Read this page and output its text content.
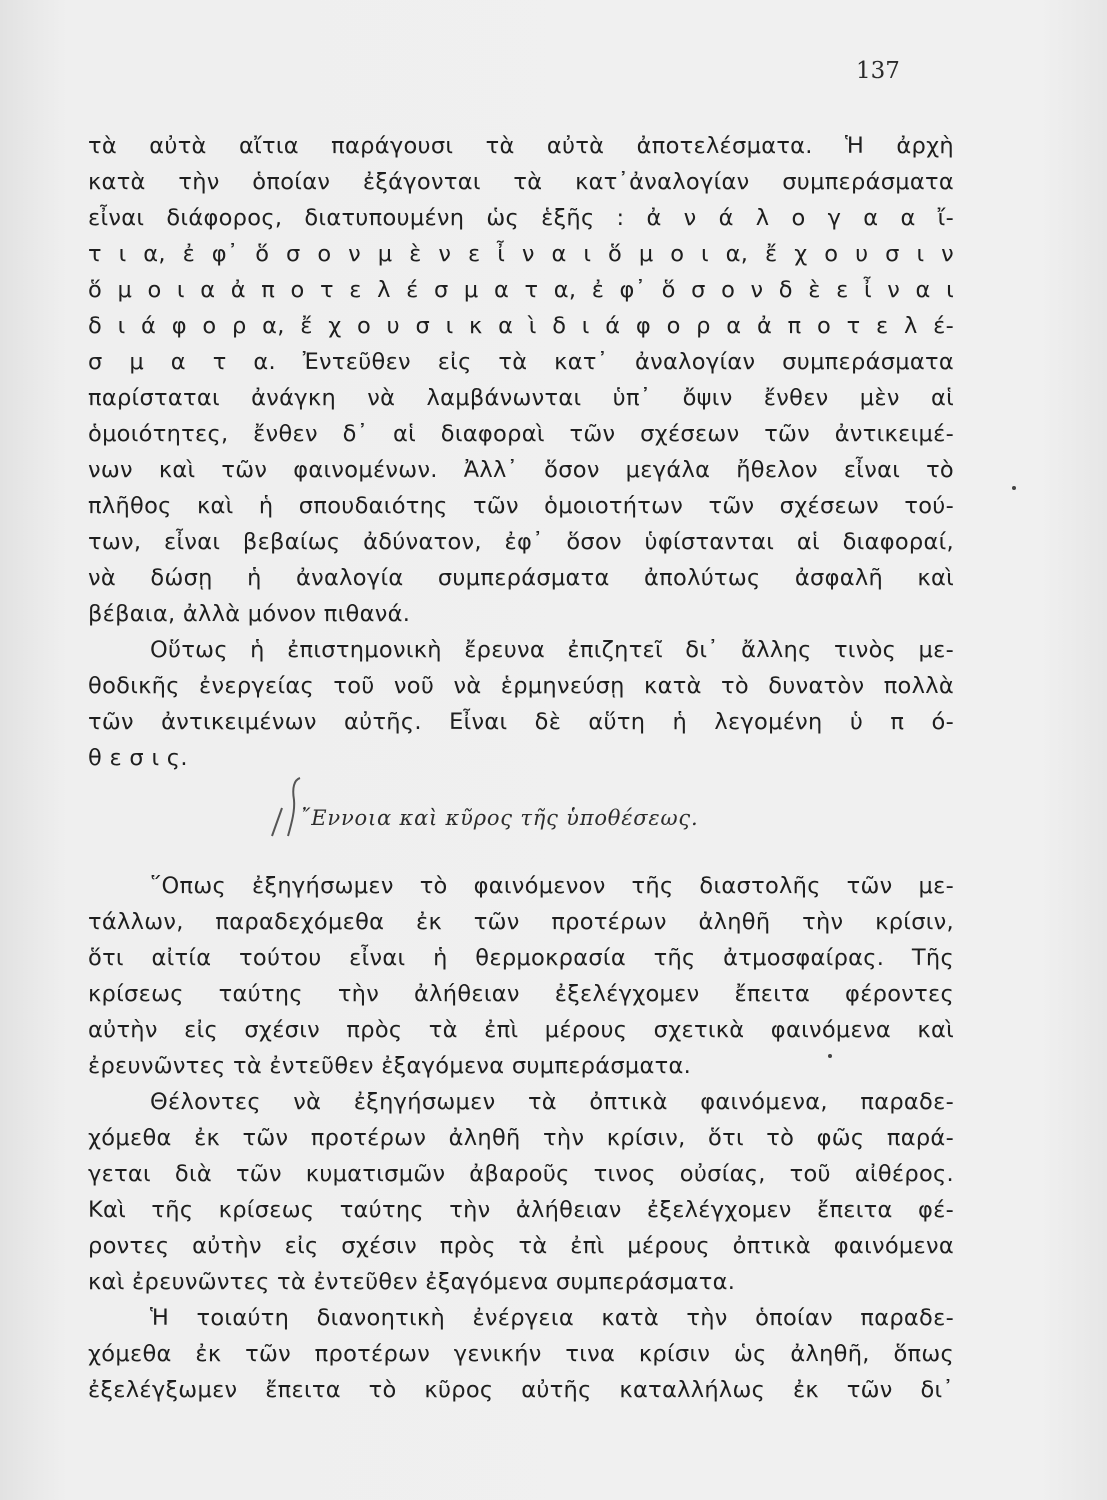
137
τὰ αὐτὰ αἴτια παράγουσι τὰ αὐτὰ ἀποτελέσματα. Ἡ ἀρχὴ
κατὰ τὴν ὁποίαν ἐξάγονται τὰ κατ᾽ἀναλογίαν συμπεράσματα
εἶναι διάφορος, διατυπουμένη ὡς ἑξῆς : ἀ ν ά λ ο γ α α ἴ-
τ ι α, ἐ φ᾽ ὅ σ ο ν μ ὲ ν ε ἶ ν α ι ὅ μ ο ι α, ἔ χ ο υ σ ι ν
ὅ μ ο ι α ἀ π ο τ ε λ έ σ μ α τ α, ἐ φ᾽ ὅ σ ο ν δ ὲ ε ἶ ν α ι
δ ι ά φ ο ρ α, ἔ χ ο υ σ ι κ α ὶ δ ι ά φ ο ρ α ἀ π ο τ ε λ έ-
σ μ α τ α. Ἐντεῦθεν εἰς τὰ κατ᾽ ἀναλογίαν συμπεράσματα
παρίσταται ἀνάγκη νὰ λαμβάνωνται ὑπ᾽ ὄψιν ἔνθεν μὲν αἱ
ὁμοιότητες, ἔνθεν δ᾽ αἱ διαφοραὶ τῶν σχέσεων τῶν ἀντικειμέ-
νων καὶ τῶν φαινομένων. Ἀλλ᾽ ὅσον μεγάλα ἤθελον εἶναι τὸ
πλῆθος καὶ ἡ σπουδαιότης τῶν ὁμοιοτήτων τῶν σχέσεων τού-
των, εἶναι βεβαίως ἀδύνατον, ἐφ᾽ ὅσον ὑφίστανται αἱ διαφοραί,
νὰ δώσῃ ἡ ἀναλογία συμπεράσματα ἀπολύτως ἀσφαλῆ καὶ
βέβαια, ἀλλὰ μόνον πιθανά.
Οὕτως ἡ ἐπιστημονικὴ ἔρευνα ἐπιζητεῖ δι᾽ ἄλλης τινὸς με-
θοδικῆς ἐνεργείας τοῦ νοῦ νὰ ἑρμηνεύσῃ κατὰ τὸ δυνατὸν πολλὰ
τῶν ἀντικειμένων αὐτῆς. Εἶναι δὲ αὕτη ἡ λεγομένη ὑ π ό-
θ ε σ ι ς.
῎Εννοια καὶ κῦρος τῆς ὑποθέσεως.
῞Οπως ἐξηγήσωμεν τὸ φαινόμενον τῆς διαστολῆς τῶν με-
τάλλων, παραδεχόμεθα ἐκ τῶν προτέρων ἀληθῆ τὴν κρίσιν,
ὅτι αἰτία τούτου εἶναι ἡ θερμοκρασία τῆς ἀτμοσφαίρας. Τῆς
κρίσεως ταύτης τὴν ἀλήθειαν ἐξελέγχομεν ἔπειτα φέροντες
αὐτὴν εἰς σχέσιν πρὸς τὰ ἐπὶ μέρους σχετικὰ φαινόμενα καὶ
ἐρευνῶντες τὰ ἐντεῦθεν ἐξαγόμενα συμπεράσματα.
Θέλοντες νὰ ἐξηγήσωμεν τὰ ὀπτικὰ φαινόμενα, παραδε-
χόμεθα ἐκ τῶν προτέρων ἀληθῆ τὴν κρίσιν, ὅτι τὸ φῶς παρά-
γεται διὰ τῶν κυματισμῶν ἀβαροῦς τινος οὐσίας, τοῦ αἰθέρος.
Καὶ τῆς κρίσεως ταύτης τὴν ἀλήθειαν ἐξελέγχομεν ἔπειτα φέ-
ροντες αὐτὴν εἰς σχέσιν πρὸς τὰ ἐπὶ μέρους ὀπτικὰ φαινόμενα
καὶ ἐρευνῶντες τὰ ἐντεῦθεν ἐξαγόμενα συμπεράσματα.
Ἡ τοιαύτη διανοητικὴ ἐνέργεια κατὰ τὴν ὁποίαν παραδε-
χόμεθα ἐκ τῶν προτέρων γενικήν τινα κρίσιν ὡς ἀληθῆ, ὅπως
ἐξελέγξωμεν ἔπειτα τὸ κῦρος αὐτῆς καταλλήλως ἐκ τῶν δι᾽
